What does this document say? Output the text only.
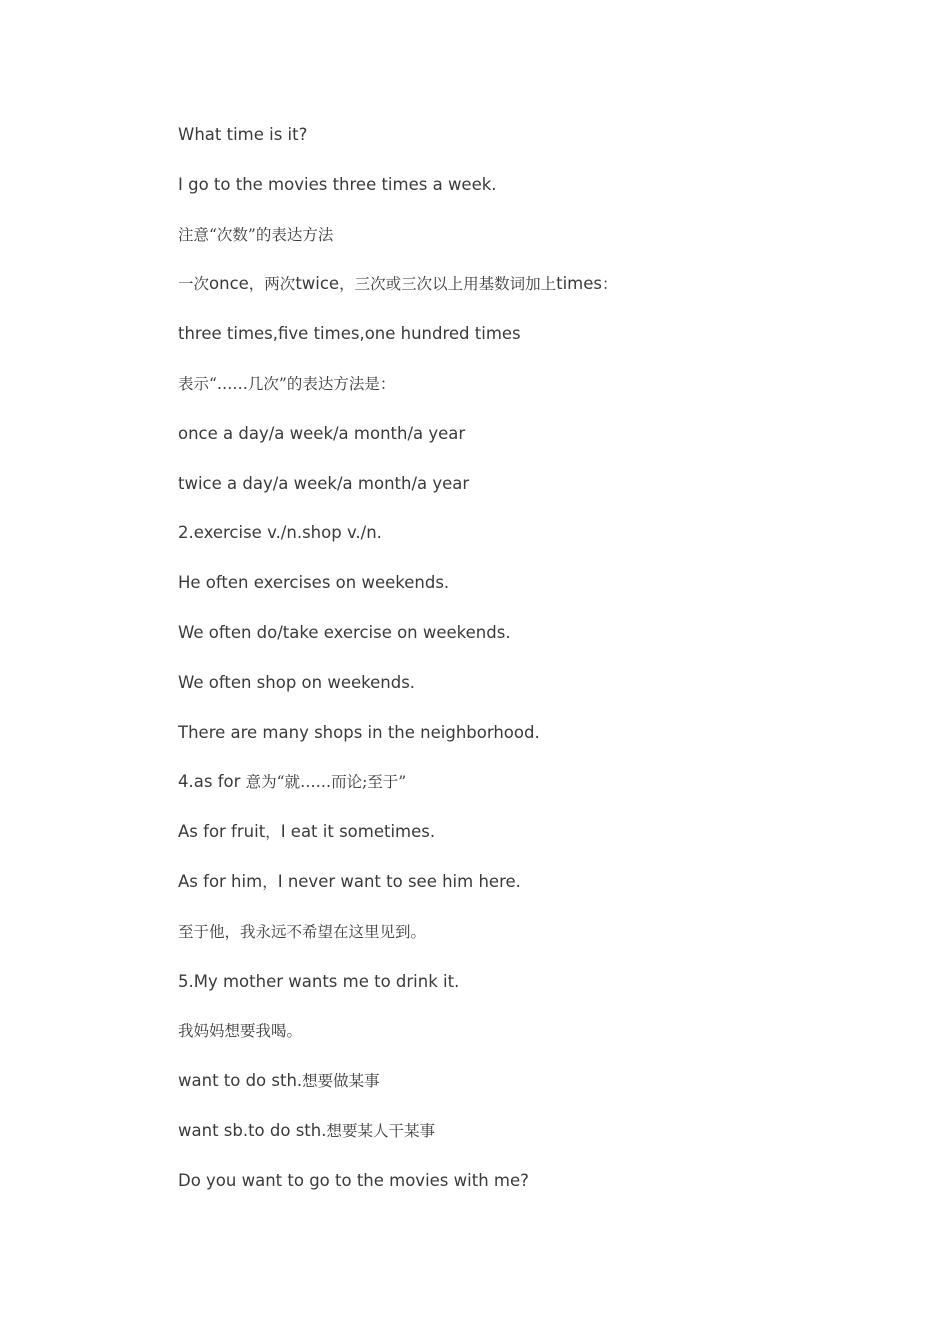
What time is it?
I go to the movies three times a week.
注意“次数”的表达方法
一次once，两次twice，三次或三次以上用基数词加上times：
three times,five times,one hundred times
表示“……几次”的表达方法是：
once a day/a week/a month/a year
twice a day/a week/a month/a year
2.exercise v./n.shop v./n.
He often exercises on weekends.
We often do/take exercise on weekends.
We often shop on weekends.
There are many shops in the neighborhood.
4.as for 意为“就……而论;至于”
As for fruit，I eat it sometimes.
As for him，I never want to see him here.
至于他，我永远不希望在这里见到。
5.My mother wants me to drink it.
我妈妈想要我喝。
want to do sth.想要做某事
want sb.to do sth.想要某人干某事
Do you want to go to the movies with me?
